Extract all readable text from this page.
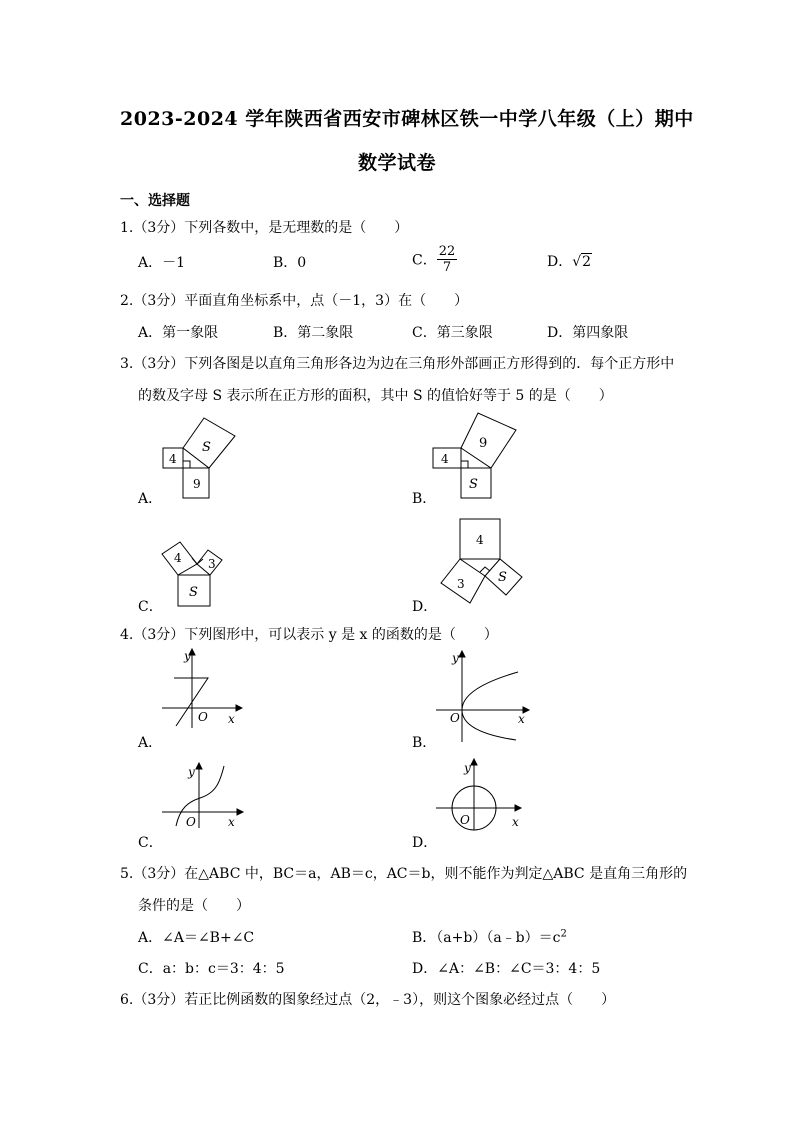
2023-2024 学年陕西省西安市碑林区铁一中学八年级（上）期中
数学试卷
一、选择题
1.（3分）下列各数中，是无理数的是（　　）
A．－1	B．0	C． $\frac{22}{7}$	D．√2
2.（3分）平面直角坐标系中，点（－1，3）在（　　）
A．第一象限	B．第二象限	C．第三象限	D．第四象限
3.（3分）下列各图是以直角三角形各边为边在三角形外部画正方形得到的．每个正方形中
的数及字母 S 表示所在正方形的面积，其中 S 的值恰好等于 5 的是（　　）
S
4
9
A．
9
4
S
B．
4 3
S
C．
4
3	S
D．
4.（3分）下列图形中，可以表示 y 是 x 的函数的是（　　）
O x
y
A．
O	x
y
B．
O	x
y
C．
O	x
y
D．
5.（3分）在△ABC 中，BC＝a，AB＝c，AC＝b，则不能作为判定△ABC 是直角三角形的
条件的是（　　）
A．∠A＝∠B+∠C	B．$(a+b)(a﹣b)=c^2$
C．a：b：c＝3：4：5	D．∠A：∠B：∠C＝3：4：5
6.（3分）若正比例函数的图象经过点（2，﹣3），则这个图象必经过点（　　）
